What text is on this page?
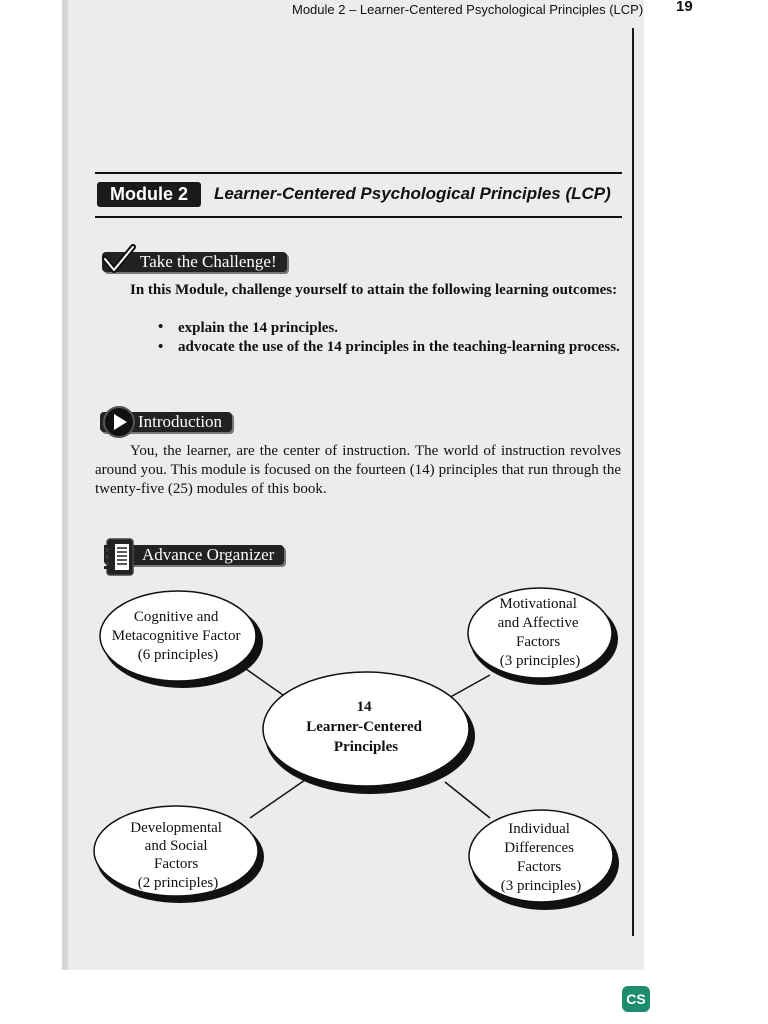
Module 2 – Learner-Centered Psychological Principles (LCP) 19
Module 2	Learner-Centered Psychological Principles (LCP)
Take the Challenge!
In this Module, challenge yourself to attain the following learning outcomes:
• explain the 14 principles.
• advocate the use of the 14 principles in the teaching-learning process.
Introduction
You, the learner, are the center of instruction. The world of instruction revolves around you. This module is focused on the fourteen (14) principles that run through the twenty-five (25) modules of this book.
Advance Organizer
Cognitive and Metacognitive Factor (6 principles)
Motivational and Affective Factors (3 principles)
14 Learner-Centered Principles
Developmental and Social Factors (2 principles)
Individual Differences Factors (3 principles)
CS
